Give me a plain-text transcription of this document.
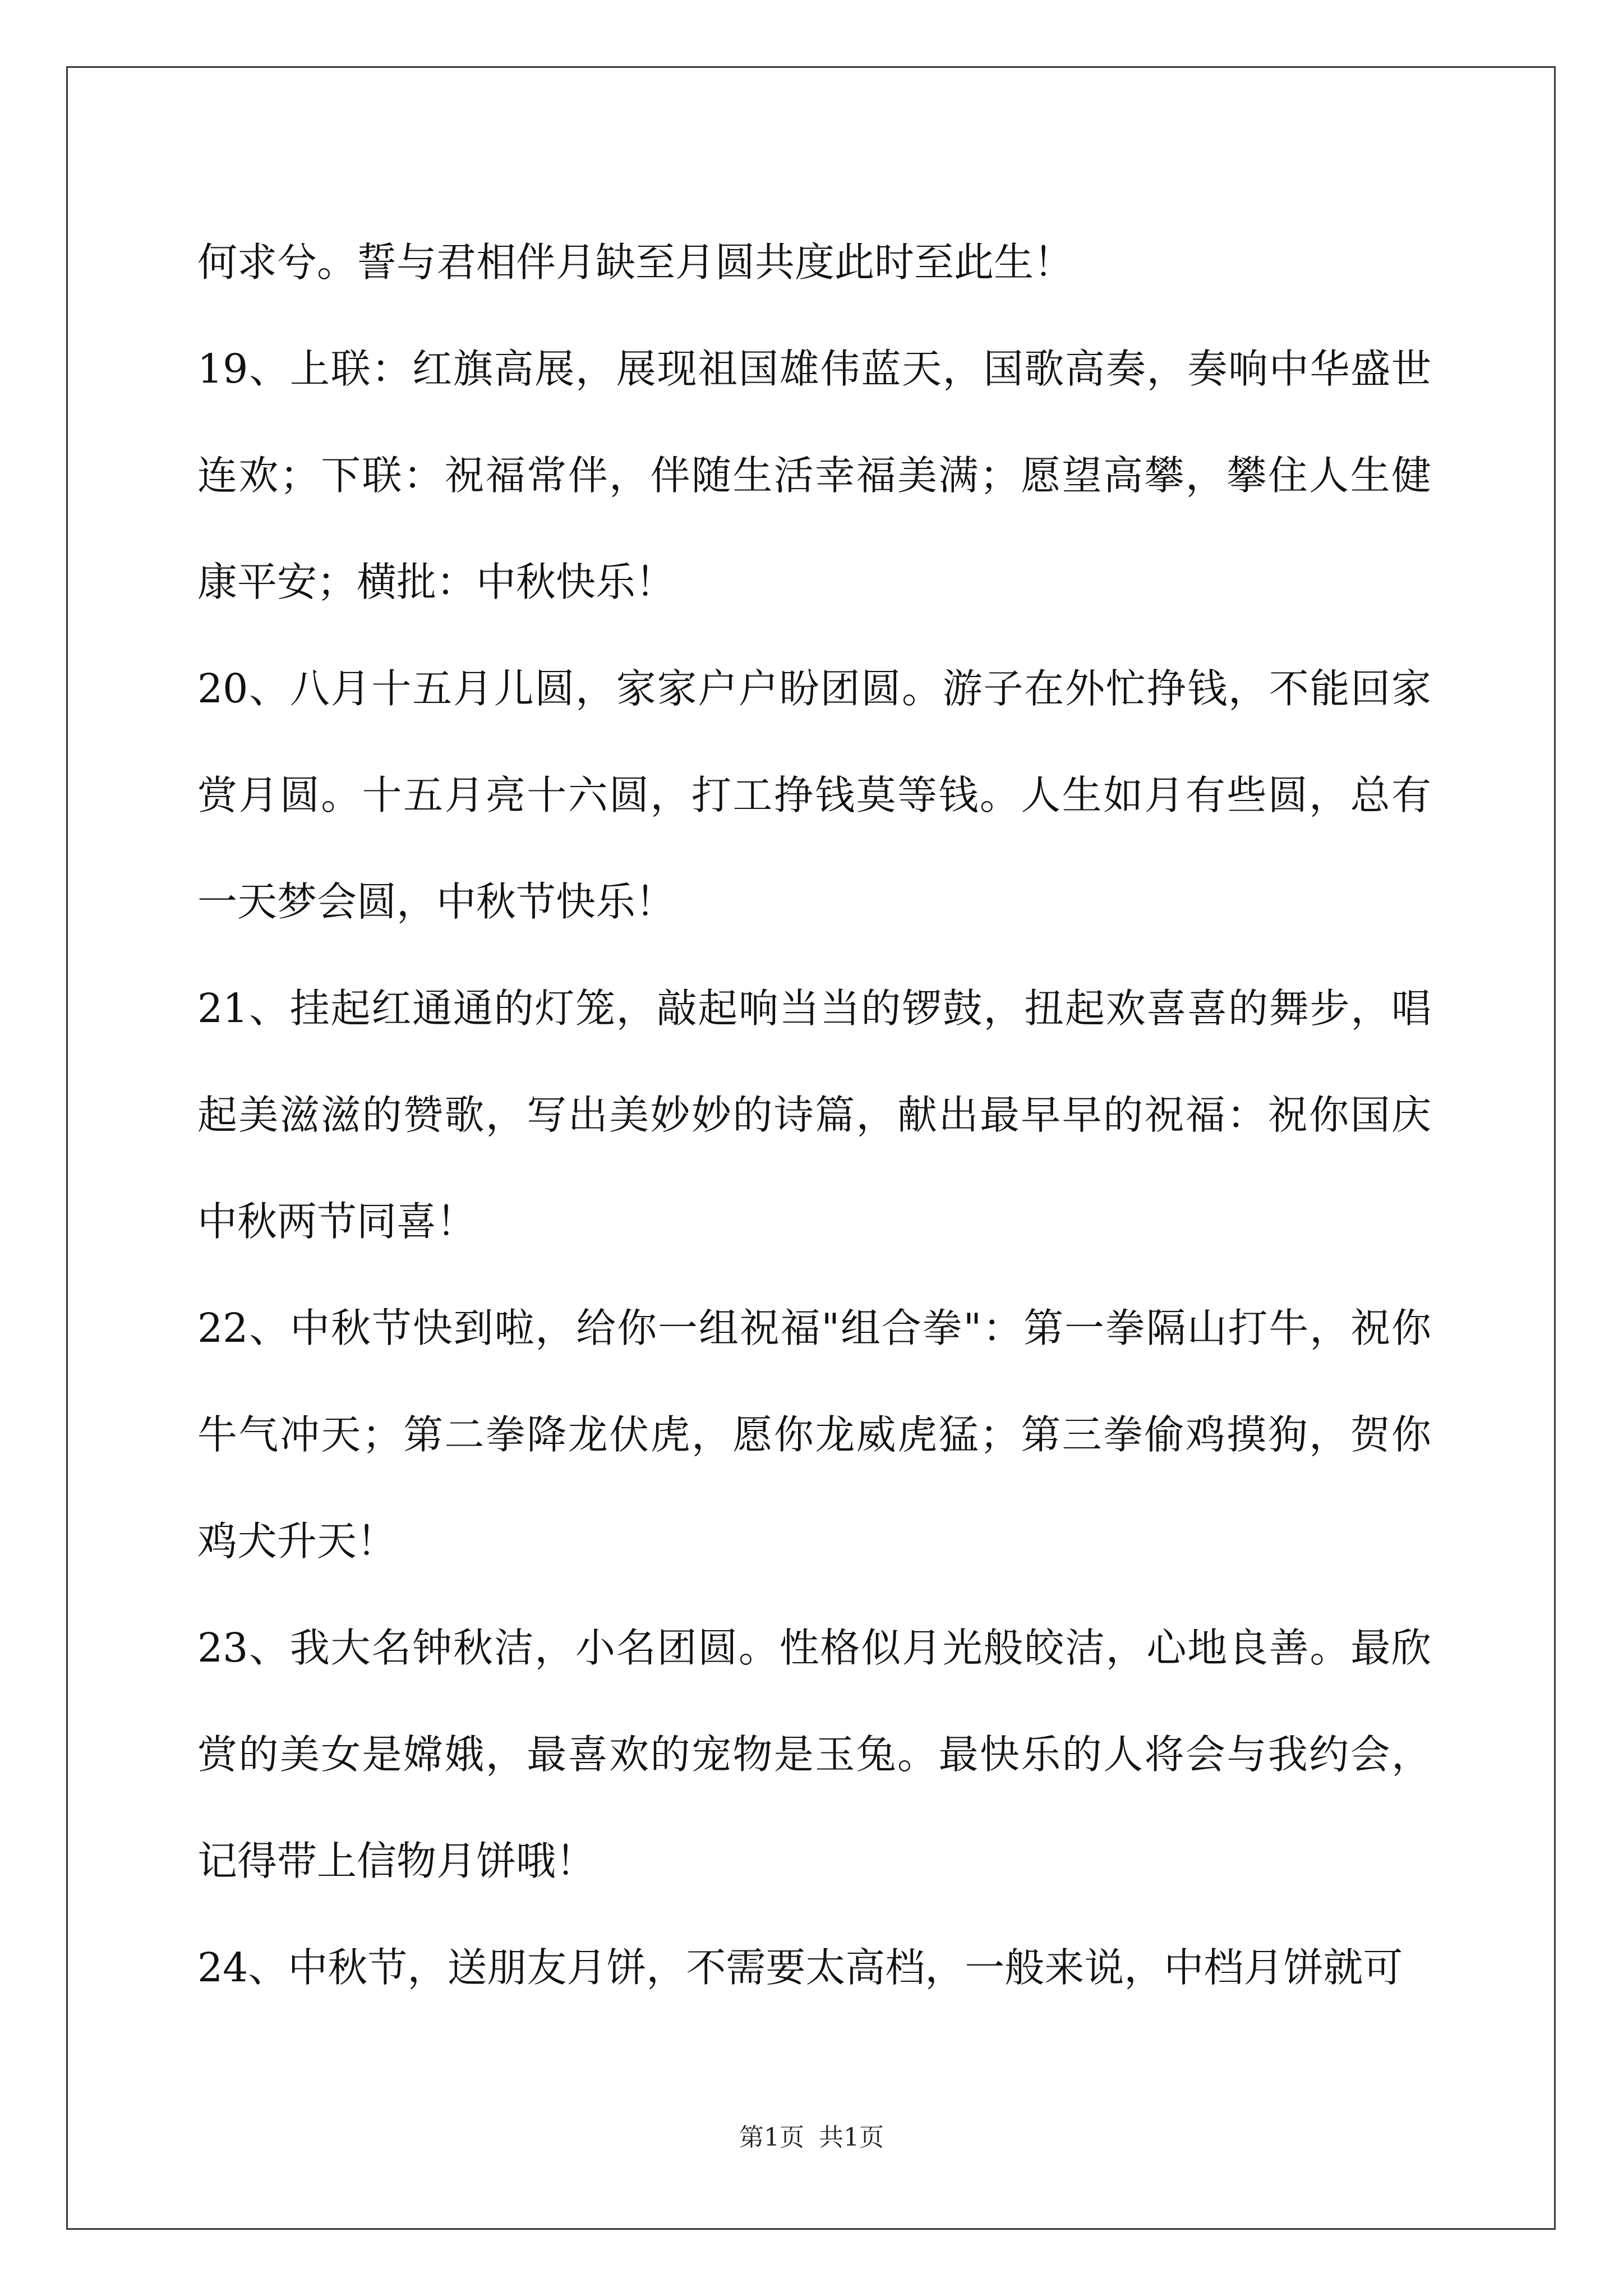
何求兮。誓与君相伴月缺至月圆共度此时至此生！

19、上联：红旗高展，展现祖国雄伟蓝天，国歌高奏，奏响中华盛世连欢；下联：祝福常伴，伴随生活幸福美满；愿望高攀，攀住人生健康平安；横批：中秋快乐！

20、八月十五月儿圆，家家户户盼团圆。游子在外忙挣钱，不能回家赏月圆。十五月亮十六圆，打工挣钱莫等钱。人生如月有些圆，总有一天梦会圆，中秋节快乐！

21、挂起红通通的灯笼，敲起响当当的锣鼓，扭起欢喜喜的舞步，唱起美滋滋的赞歌，写出美妙妙的诗篇，献出最早早的祝福：祝你国庆中秋两节同喜！

22、中秋节快到啦，给你一组祝福"组合拳"：第一拳隔山打牛，祝你牛气冲天；第二拳降龙伏虎，愿你龙威虎猛；第三拳偷鸡摸狗，贺你鸡犬升天！

23、我大名钟秋洁，小名团圆。性格似月光般皎洁，心地良善。最欣赏的美女是嫦娥，最喜欢的宠物是玉兔。最快乐的人将会与我约会，记得带上信物月饼哦！

24、中秋节，送朋友月饼，不需要太高档，一般来说，中档月饼就可

第1页 共1页
